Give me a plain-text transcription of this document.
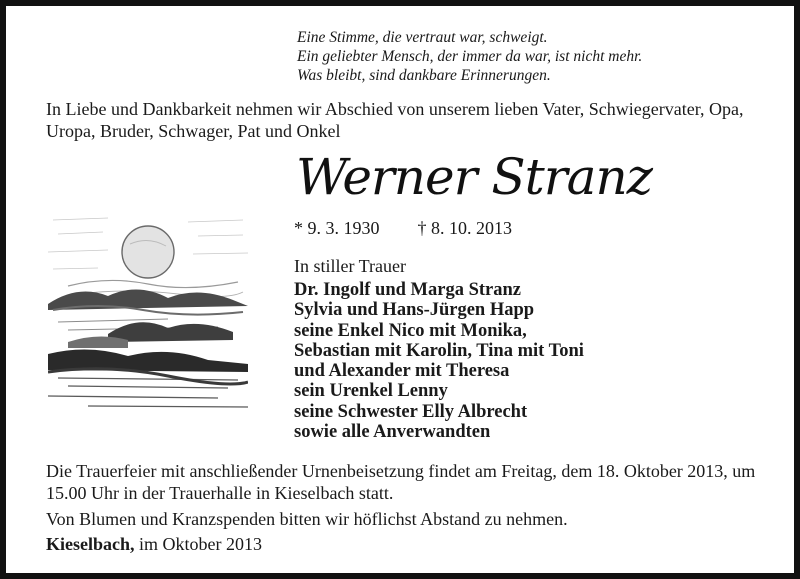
Eine Stimme, die vertraut war, schweigt.
Ein geliebter Mensch, der immer da war, ist nicht mehr.
Was bleibt, sind dankbare Erinnerungen.
In Liebe und Dankbarkeit nehmen wir Abschied von unserem lieben Vater, Schwiegervater, Opa, Uropa, Bruder, Schwager, Pat und Onkel
Werner Stranz
* 9. 3. 1930 † 8. 10. 2013
In stiller Trauer
Dr. Ingolf und Marga Stranz
Sylvia und Hans-Jürgen Happ
seine Enkel Nico mit Monika,
Sebastian mit Karolin, Tina mit Toni
und Alexander mit Theresa
sein Urenkel Lenny
seine Schwester Elly Albrecht
sowie alle Anverwandten
Die Trauerfeier mit anschließender Urnenbeisetzung findet am Freitag, dem 18. Oktober 2013, um 15.00 Uhr in der Trauerhalle in Kieselbach statt.
Von Blumen und Kranzspenden bitten wir höflichst Abstand zu nehmen.
Kieselbach, im Oktober 2013
